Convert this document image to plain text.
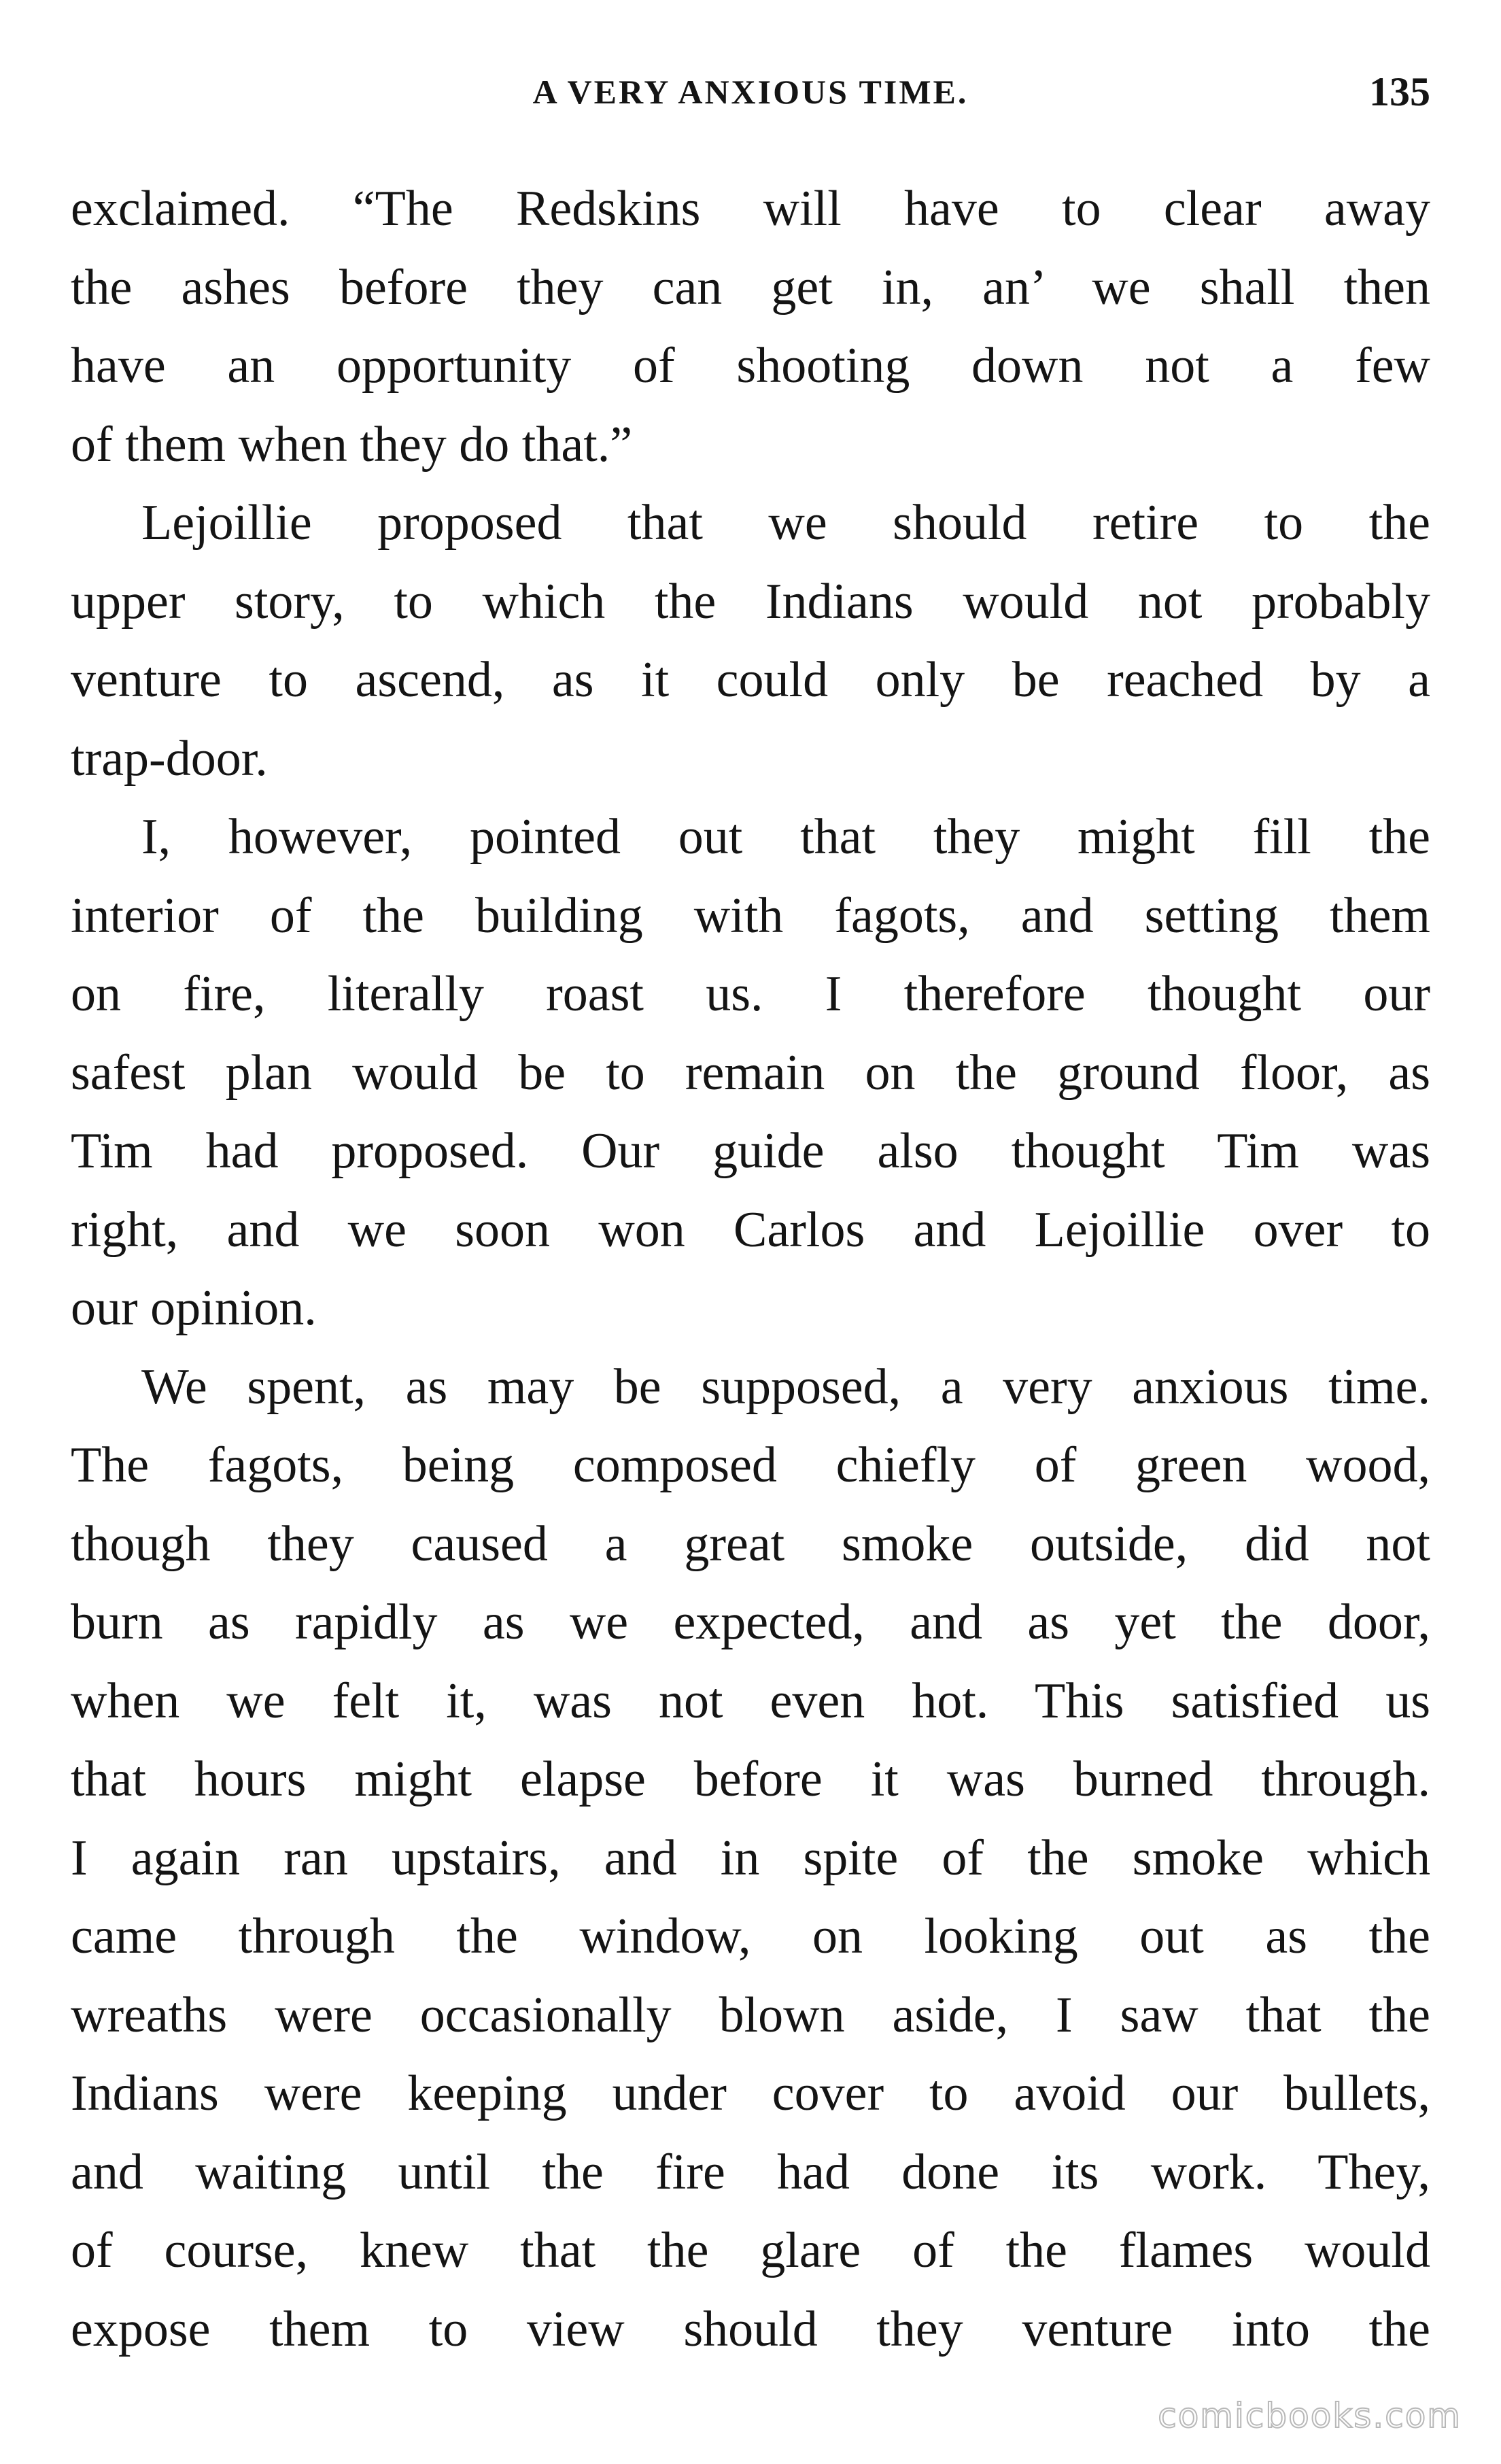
A VERY ANXIOUS TIME.	135
exclaimed. “The Redskins will have to clear away
the ashes before they can get in, an’ we shall then
have an opportunity of shooting down not a few
of them when they do that.”
Lejoillie proposed that we should retire to the
upper story, to which the Indians would not probably
venture to ascend, as it could only be reached by a
trap-door.
I, however, pointed out that they might fill the
interior of the building with fagots, and setting them
on fire, literally roast us. I therefore thought our
safest plan would be to remain on the ground floor, as
Tim had proposed. Our guide also thought Tim was
right, and we soon won Carlos and Lejoillie over to
our opinion.
We spent, as may be supposed, a very anxious time.
The fagots, being composed chiefly of green wood,
though they caused a great smoke outside, did not
burn as rapidly as we expected, and as yet the door,
when we felt it, was not even hot. This satisfied us
that hours might elapse before it was burned through.
I again ran upstairs, and in spite of the smoke which
came through the window, on looking out as the
wreaths were occasionally blown aside, I saw that the
Indians were keeping under cover to avoid our bullets,
and waiting until the fire had done its work. They,
of course, knew that the glare of the flames would
expose them to view should they venture into the
comicbooks.com
